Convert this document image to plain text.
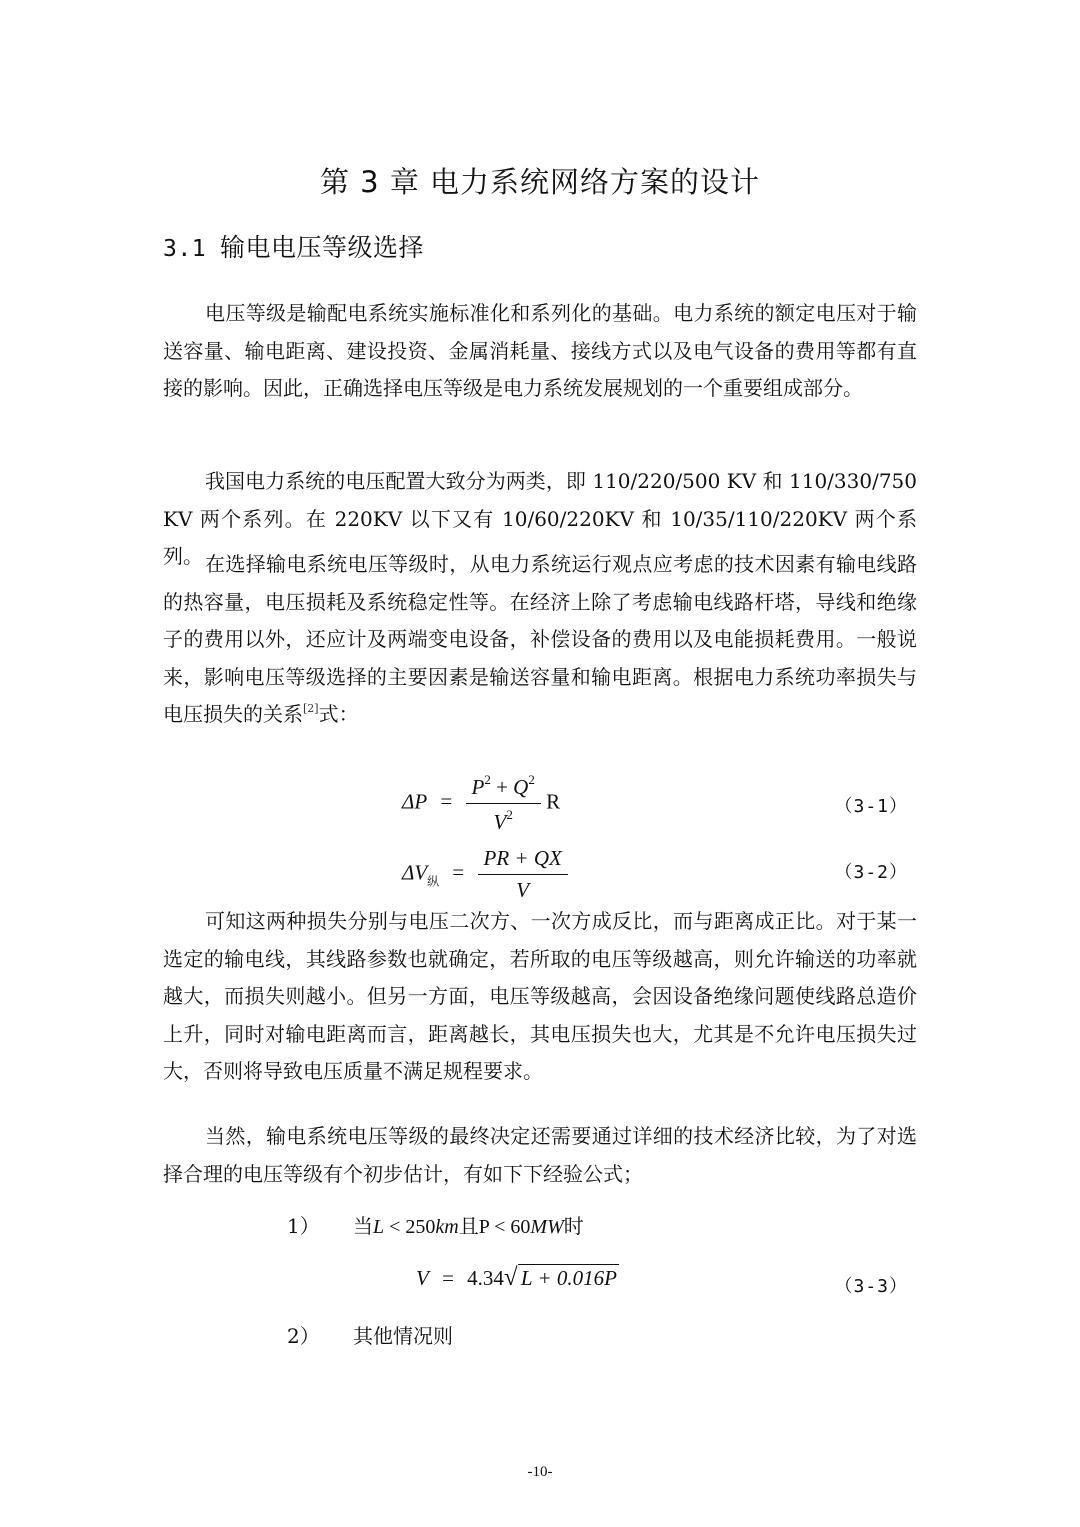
第 3 章 电力系统网络方案的设计
3.1 输电电压等级选择
电压等级是输配电系统实施标准化和系列化的基础。电力系统的额定电压对于输送容量、输电距离、建设投资、金属消耗量、接线方式以及电气设备的费用等都有直接的影响。因此，正确选择电压等级是电力系统发展规划的一个重要组成部分。
我国电力系统的电压配置大致分为两类，即 110/220/500 KV 和 110/330/750 KV 两个系列。在 220KV 以下又有 10/60/220KV 和 10/35/110/220KV 两个系列。 在选择输电系统电压等级时，从电力系统运行观点应考虑的技术因素有输电线路的热容量，电压损耗及系统稳定性等。在经济上除了考虑输电线路杆塔，导线和绝缘子的费用以外，还应计及两端变电设备，补偿设备的费用以及电能损耗费用。一般说来，影响电压等级选择的主要因素是输送容量和输电距离。根据电力系统功率损失与电压损失的关系[2]式：
$\Delta P = \frac{P^2 + Q^2}{V^2}$ R	（3-1）
$\Delta V_纵 = \frac{PR + QX}{V}$	（3-2）
可知这两种损失分别与电压二次方、一次方成反比，而与距离成正比。对于某一选定的输电线，其线路参数也就确定，若所取的电压等级越高，则允许输送的功率就越大，而损失则越小。但另一方面，电压等级越高，会因设备绝缘问题使线路总造价上升，同时对输电距离而言，距离越长，其电压损失也大，尤其是不允许电压损失过大，否则将导致电压质量不满足规程要求。
当然，输电系统电压等级的最终决定还需要通过详细的技术经济比较，为了对选择合理的电压等级有个初步估计，有如下下经验公式；
1） 当L < 250km且P < 60MW时
V = 4.34 √ L + 0.016P	（3-3）
2） 其他情况则
-10-
